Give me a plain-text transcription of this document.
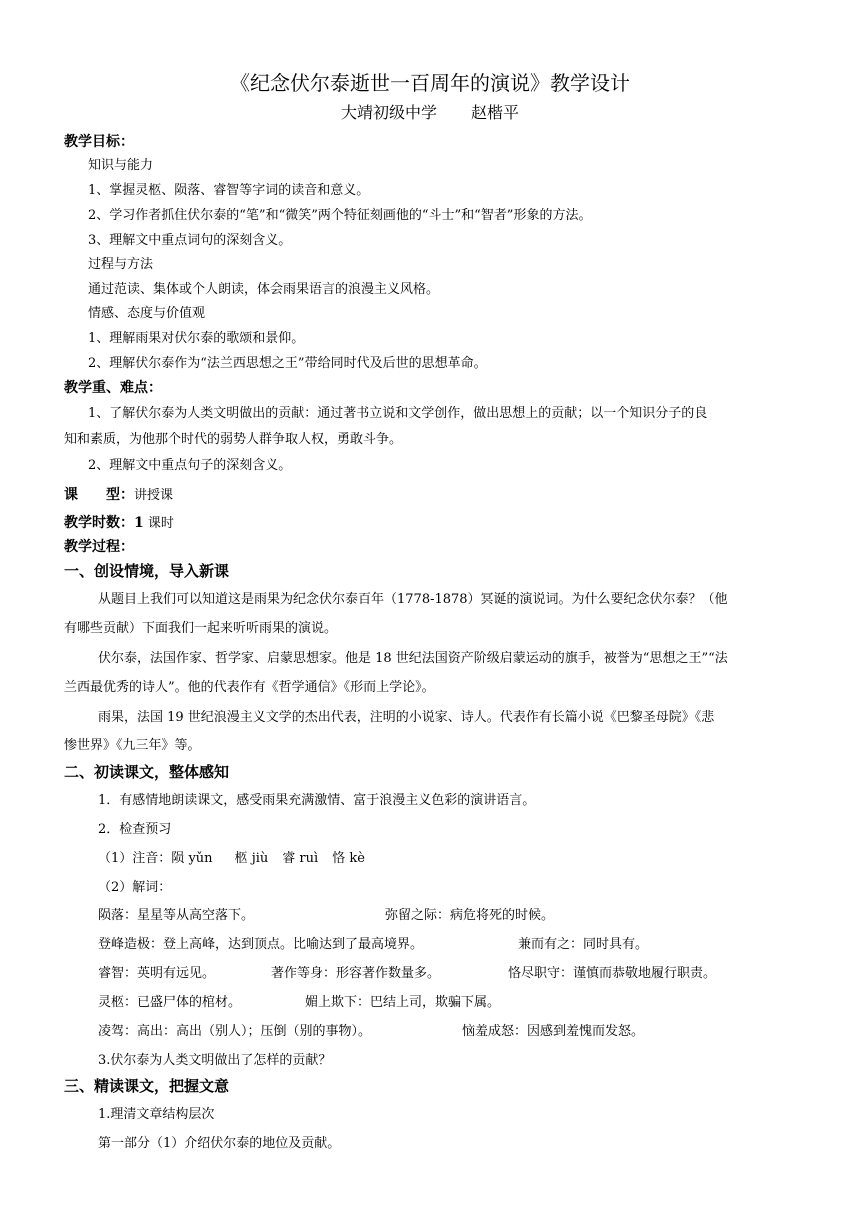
《纪念伏尔泰逝世一百周年的演说》教学设计
大靖初级中学 赵楷平
教学目标：
知识与能力
1、掌握灵柩、陨落、睿智等字词的读音和意义。
2、学习作者抓住伏尔泰的“笔”和“微笑”两个特征刻画他的“斗士”和“智者”形象的方法。
3、理解文中重点词句的深刻含义。
过程与方法
通过范读、集体或个人朗读，体会雨果语言的浪漫主义风格。
情感、态度与价值观
1、理解雨果对伏尔泰的歌颂和景仰。
2、理解伏尔泰作为“法兰西思想之王”带给同时代及后世的思想革命。
教学重、难点：
1、了解伏尔泰为人类文明做出的贡献：通过著书立说和文学创作，做出思想上的贡献；以一个知识分子的良
知和素质，为他那个时代的弱势人群争取人权，勇敢斗争。
2、理解文中重点句子的深刻含义。
课　　型：讲授课
教学时数：1 课时
教学过程：
一、创设情境，导入新课
从题目上我们可以知道这是雨果为纪念伏尔泰百年（1778-1878）冥诞的演说词。为什么要纪念伏尔泰？（他
有哪些贡献）下面我们一起来听听雨果的演说。
伏尔泰，法国作家、哲学家、启蒙思想家。他是 18 世纪法国资产阶级启蒙运动的旗手，被誉为“思想之王”“法
兰西最优秀的诗人”。他的代表作有《哲学通信》《形而上学论》。
雨果，法国 19 世纪浪漫主义文学的杰出代表，注明的小说家、诗人。代表作有长篇小说《巴黎圣母院》《悲
惨世界》《九三年》等。
二、初读课文，整体感知
1．有感情地朗读课文，感受雨果充满激情、富于浪漫主义色彩的演讲语言。
2．检查预习
（1）注音：陨 yǔn 柩 jiù 睿 ruì 恪 kè
（2）解词：
陨落：星星等从高空落下。	弥留之际：病危将死的时候。
登峰造极：登上高峰，达到顶点。比喻达到了最高境界。	兼而有之：同时具有。
睿智：英明有远见。	著作等身：形容著作数量多。	恪尽职守：谨慎而恭敬地履行职责。
灵柩：已盛尸体的棺材。	媚上欺下：巴结上司，欺骗下属。
凌驾：高出：高出（别人）；压倒（别的事物）。	恼羞成怒：因感到羞愧而发怒。
3.伏尔泰为人类文明做出了怎样的贡献？
三、精读课文，把握文意
1.理清文章结构层次
第一部分（1）介绍伏尔泰的地位及贡献。
